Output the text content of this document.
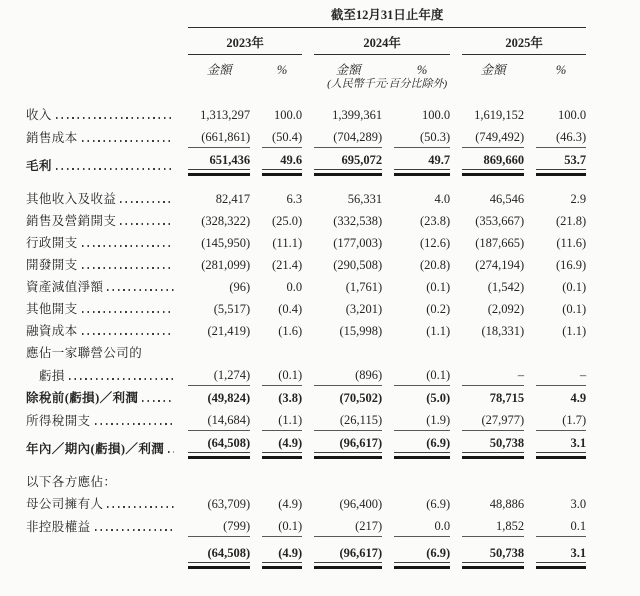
	截至12月31日止年度					
	2023年		2024年		2025年	
	金額	%	金額	%	金額	%
	(人民幣千元·百分比除外)					

收入	1,313,297	100.0	1,399,361	100.0	1,619,152	100.0

銷售成本	(661,861)	(50.4)	(704,289)	(50.3)	(749,492)	(46.3)

毛利	651,436	49.6	695,072	49.7	869,660	53.7

其他收入及收益	82,417	6.3	56,331	4.0	46,546	2.9

銷售及營銷開支	(328,322)	(25.0)	(332,538)	(23.8)	(353,667)	(21.8)

行政開支	(145,950)	(11.1)	(177,003)	(12.6)	(187,665)	(11.6)

開發開支	(281,099)	(21.4)	(290,508)	(20.8)	(274,194)	(16.9)

資產減值淨額	(96)	0.0	(1,761)	(0.1)	(1,542)	(0.1)

其他開支	(5,517)	(0.4)	(3,201)	(0.2)	(2,092)	(0.1)

融資成本	(21,419)	(1.6)	(15,998)	(1.1)	(18,331)	(1.1)

應佔一家聯營公司的						

虧損	(1,274)	(0.1)	(896)	(0.1)	–	–

除稅前(虧損)／利潤	(49,824)	(3.8)	(70,502)	(5.0)	78,715	4.9

所得稅開支	(14,684)	(1.1)	(26,115)	(1.9)	(27,977)	(1.7)

年內／期內(虧損)／利潤	(64,508)	(4.9)	(96,617)	(6.9)	50,738	3.1

以下各方應佔：						

母公司擁有人	(63,709)	(4.9)	(96,400)	(6.9)	48,886	3.0

非控股權益	(799)	(0.1)	(217)	0.0	1,852	0.1

	(64,508)	(4.9)	(96,617)	(6.9)	50,738	3.1
